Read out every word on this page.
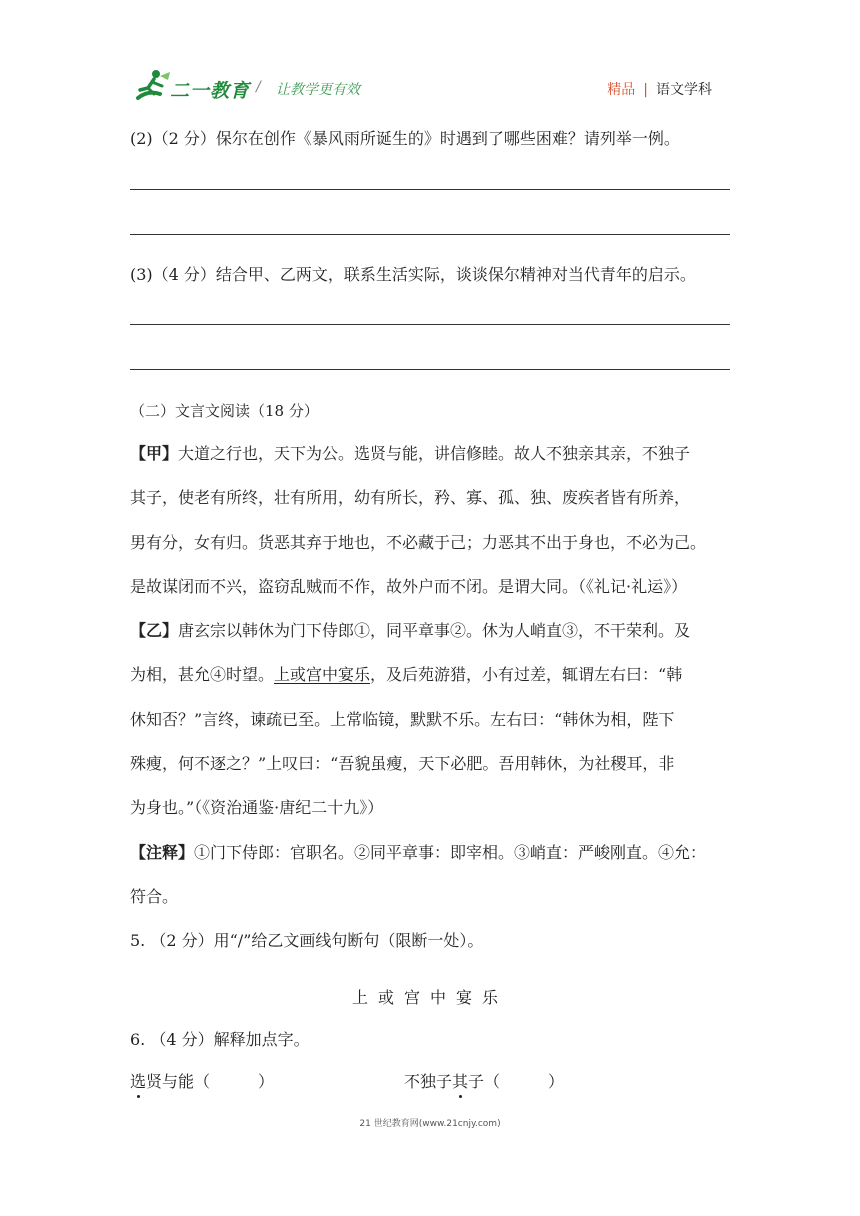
二一教育 / 让教学更有效	精品 | 语文学科
(2)（2 分）保尔在创作《暴风雨所诞生的》时遇到了哪些困难？请列举一例。
(3)（4 分）结合甲、乙两文，联系生活实际，谈谈保尔精神对当代青年的启示。
（二）文言文阅读（18 分）
【甲】大道之行也，天下为公。选贤与能，讲信修睦。故人不独亲其亲，不独子
其子，使老有所终，壮有所用，幼有所长，矜、寡、孤、独、废疾者皆有所养，
男有分，女有归。货恶其弃于地也，不必藏于己；力恶其不出于身也，不必为己。
是故谋闭而不兴，盗窃乱贼而不作，故外户而不闭。是谓大同。（《礼记·礼运》）
【乙】唐玄宗以韩休为门下侍郎①，同平章事②。休为人峭直③，不干荣利。及
为相，甚允④时望。上或宫中宴乐，及后苑游猎，小有过差，辄谓左右曰：“韩
休知否？”言终，谏疏已至。上常临镜，默默不乐。左右曰：“韩休为相，陛下
殊瘦，何不逐之？”上叹曰：“吾貌虽瘦，天下必肥。吾用韩休，为社稷耳，非
为身也。”（《资治通鉴·唐纪二十九》）
【注释】①门下侍郎：官职名。②同平章事：即宰相。③峭直：严峻刚直。④允：
符合。
5. （2 分）用“/”给乙文画线句断句（限断一处）。
上或宫中宴乐
6. （4 分）解释加点字。
选贤与能（　　　）	不独子其子（　　　）
21 世纪教育网(www.21cnjy.com)
